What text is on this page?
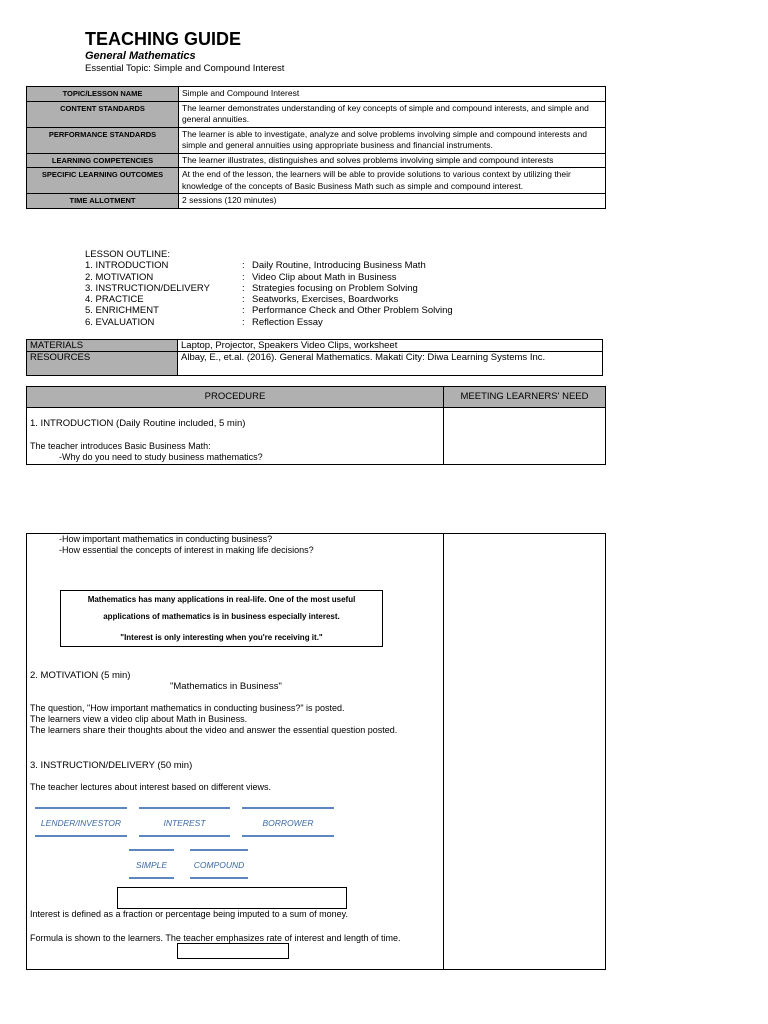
TEACHING GUIDE
General Mathematics
Essential Topic: Simple and Compound Interest
TOPIC/LESSON NAME	Simple and Compound Interest
CONTENT STANDARDS	The learner demonstrates understanding of key concepts of simple and compound interests, and simple and general annuities.
PERFORMANCE STANDARDS	The learner is able to investigate, analyze and solve problems involving simple and compound interests and simple and general annuities using appropriate business and financial instruments.
LEARNING COMPETENCIES	The learner illustrates, distinguishes and solves problems involving simple and compound interests
SPECIFIC LEARNING OUTCOMES	At the end of the lesson, the learners will be able to provide solutions to various context by utilizing their knowledge of the concepts of Basic Business Math such as simple and compound interest.
TIME ALLOTMENT	2 sessions (120 minutes)
LESSON OUTLINE:
1. INTRODUCTION	: Daily Routine, Introducing Business Math
2. MOTIVATION	: Video Clip about Math in Business
3. INSTRUCTION/DELIVERY	: Strategies focusing on Problem Solving
4. PRACTICE	: Seatworks, Exercises, Boardworks
5. ENRICHMENT	: Performance Check and Other Problem Solving
6. EVALUATION	: Reflection Essay
MATERIALS	Laptop, Projector, Speakers Video Clips, worksheet
RESOURCES	Albay, E., et.al. (2016). General Mathematics. Makati City: Diwa Learning Systems Inc.
PROCEDURE	MEETING LEARNERS' NEED
1. INTRODUCTION (Daily Routine included, 5 min)
The teacher introduces Basic Business Math:
-Why do you need to study business mathematics?
-How important mathematics in conducting business?
-How essential the concepts of interest in making life decisions?
Mathematics has many applications in real-life. One of the most useful
applications of mathematics is in business especially interest.
"Interest is only interesting when you're receiving it."
2. MOTIVATION (5 min)
"Mathematics in Business"
The question, "How important mathematics in conducting business?" is posted.
The learners view a video clip about Math in Business.
The learners share their thoughts about the video and answer the essential question posted.
3. INSTRUCTION/DELIVERY (50 min)
The teacher lectures about interest based on different views.
LENDER/INVESTOR	INTEREST	BORROWER
SIMPLE	COMPOUND
Interest is defined as a fraction or percentage being imputed to a sum of money.
Formula is shown to the learners. The teacher emphasizes rate of interest and length of time.
